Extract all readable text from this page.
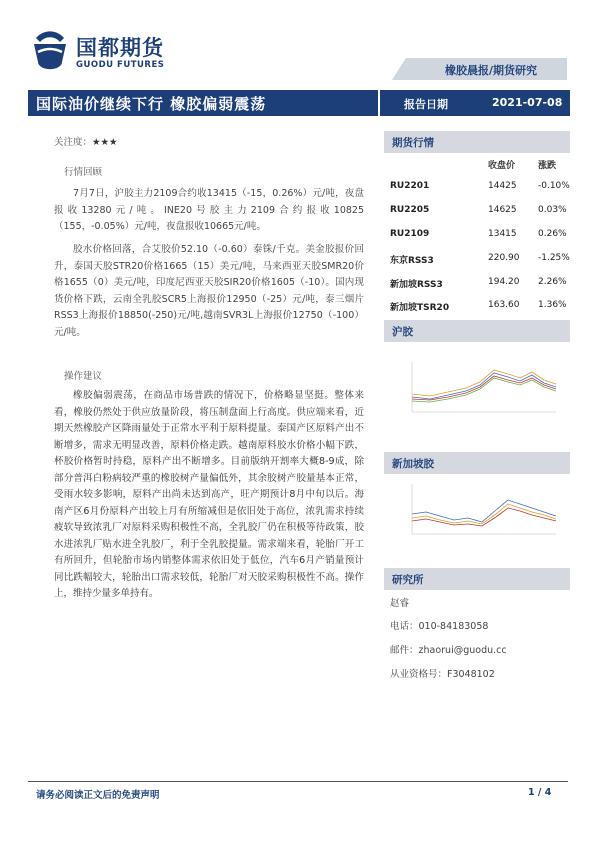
国都期货
GUODU FUTURES	橡胶晨报/期货研究
国际油价继续下行 橡胶偏弱震荡	报告日期	2021-07-08
关注度：★★★
行情回顾
7月7日，沪胶主力2109合约收13415（-15，0.26%）元/吨，夜盘报收13280元/吨。INE20号胶主力2109合约报收10825（155，-0.05%）元/吨，夜盘报收10665元/吨。
胶水价格回落，合艾胶价52.10（-0.60）泰铢/千克。美金胶报价回升，泰国天胶STR20价格1665（15）美元/吨，马来西亚天胶SMR20价格1655（0）美元/吨，印度尼西亚天胶SIR20价格1605（-10）。国内现货价格下跌，云南全乳胶SCR5上海报价12950（-25）元/吨，泰三烟片RSS3上海报价18850(-250)元/吨,越南SVR3L上海报价12750（-100）元/吨。
操作建议
橡胶偏弱震荡，在商品市场普跌的情况下，价格略显坚挺。整体来看，橡胶仍然处于供应放量阶段，将压制盘面上行高度。供应端来看，近期天然橡胶产区降雨量处于正常水平利于原料提量。泰国产区原料产出不断增多，需求无明显改善，原料价格走跌。越南原料胶水价格小幅下跌，杯胶价格暂时持稳，原料产出不断增多。目前版纳开割率大概8-9成，除部分普洱白粉病较严重的橡胶树产量偏低外，其余胶树产胶量基本正常，受雨水较多影响，原料产出尚未达到高产，旺产期预计8月中旬以后。海南产区6月份原料产出较上月有所缩减但是依旧处于高位，浓乳需求持续疲软导致浓乳厂对原料采购积极性不高，全乳胶厂仍在积极等待政策，胶水进浓乳厂贴水进全乳胶厂，利于全乳胶提量。需求端来看，轮胎厂开工有所回升，但轮胎市场内销整体需求依旧处于低位，汽车6月产销量预计同比跌幅较大，轮胎出口需求较低，轮胎厂对天胶采购积极性不高。操作上，维持少量多单持有。
期货行情
收盘价	涨跌
RU2201	14425 -0.10%
RU2205	14625 0.03%
RU2109	13415 0.26%
东京RSS3	220.90 -1.25%
新加坡RSS3	194.20 2.26%
新加坡TSR20	163.60 1.36%
沪胶
新加坡胶
研究所
赵睿
电话：010-84183058
邮件：zhaorui@guodu.cc
从业资格号：F3048102
请务必阅读正文后的免责声明	1 / 4
